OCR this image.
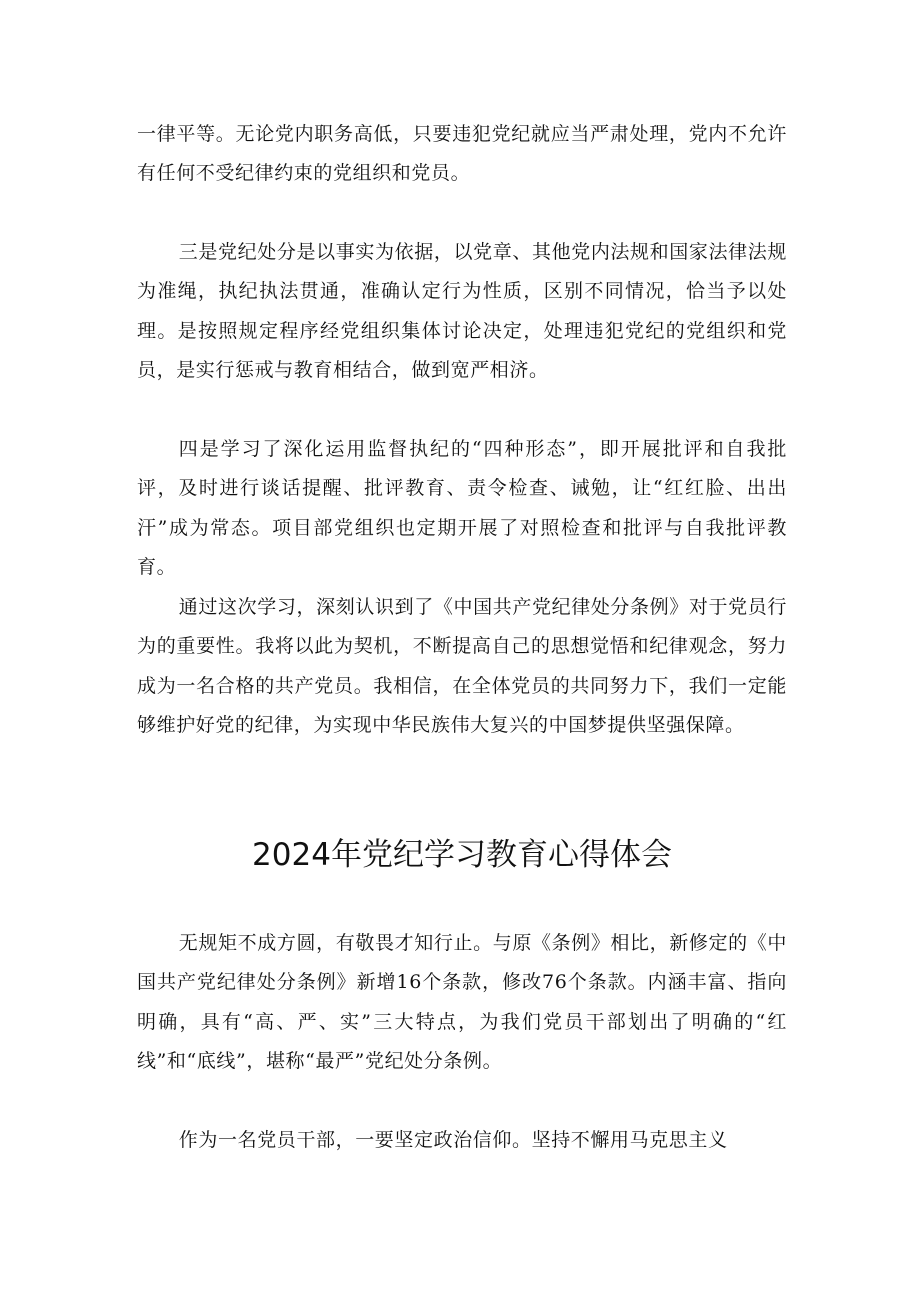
一律平等。无论党内职务高低，只要违犯党纪就应当严肃处理，党内不允许有任何不受纪律约束的党组织和党员。

三是党纪处分是以事实为依据，以党章、其他党内法规和国家法律法规为准绳，执纪执法贯通，准确认定行为性质，区别不同情况，恰当予以处理。是按照规定程序经党组织集体讨论决定，处理违犯党纪的党组织和党员，是实行惩戒与教育相结合，做到宽严相济。

四是学习了深化运用监督执纪的“四种形态”，即开展批评和自我批评，及时进行谈话提醒、批评教育、责令检查、诫勉，让“红红脸、出出汗”成为常态。项目部党组织也定期开展了对照检查和批评与自我批评教育。

通过这次学习，深刻认识到了《中国共产党纪律处分条例》对于党员行为的重要性。我将以此为契机，不断提高自己的思想觉悟和纪律观念，努力成为一名合格的共产党员。我相信，在全体党员的共同努力下，我们一定能够维护好党的纪律，为实现中华民族伟大复兴的中国梦提供坚强保障。

2024年党纪学习教育心得体会

无规矩不成方圆，有敬畏才知行止。与原《条例》相比，新修定的《中国共产党纪律处分条例》新增16个条款，修改76个条款。内涵丰富、指向明确，具有“高、严、实”三大特点，为我们党员干部划出了明确的“红线”和“底线”，堪称“最严”党纪处分条例。

作为一名党员干部，一要坚定政治信仰。坚持不懈用马克思主义
